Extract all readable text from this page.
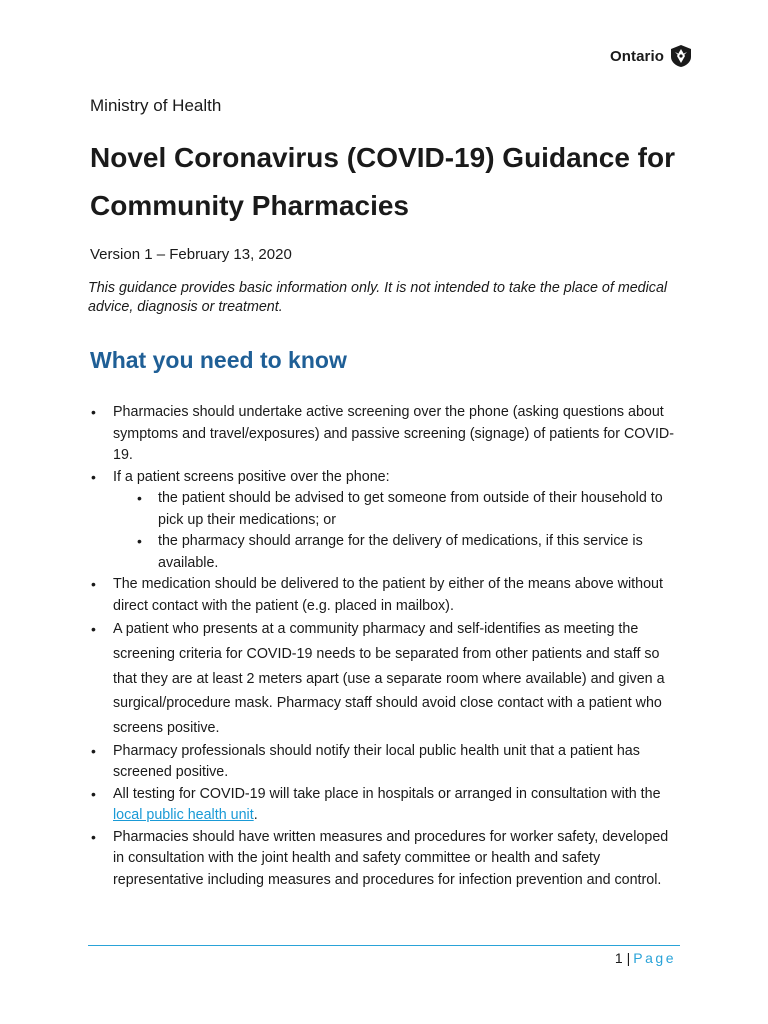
Ontario
Ministry of Health
Novel Coronavirus (COVID-19) Guidance for Community Pharmacies
Version 1 – February 13, 2020

This guidance provides basic information only. It is not intended to take the place of medical advice, diagnosis or treatment.

What you need to know
• Pharmacies should undertake active screening over the phone (asking questions about symptoms and travel/exposures) and passive screening (signage) of patients for COVID-19.
• If a patient screens positive over the phone:
• the patient should be advised to get someone from outside of their household to pick up their medications; or
• the pharmacy should arrange for the delivery of medications, if this service is available.
• The medication should be delivered to the patient by either of the means above without direct contact with the patient (e.g. placed in mailbox).
• A patient who presents at a community pharmacy and self-identifies as meeting the screening criteria for COVID-19 needs to be separated from other patients and staff so that they are at least 2 meters apart (use a separate room where available) and given a surgical/procedure mask. Pharmacy staff should avoid close contact with a patient who screens positive.
• Pharmacy professionals should notify their local public health unit that a patient has screened positive.
• All testing for COVID-19 will take place in hospitals or arranged in consultation with the local public health unit.
• Pharmacies should have written measures and procedures for worker safety, developed in consultation with the joint health and safety committee or health and safety representative including measures and procedures for infection prevention and control.
1 | Page
